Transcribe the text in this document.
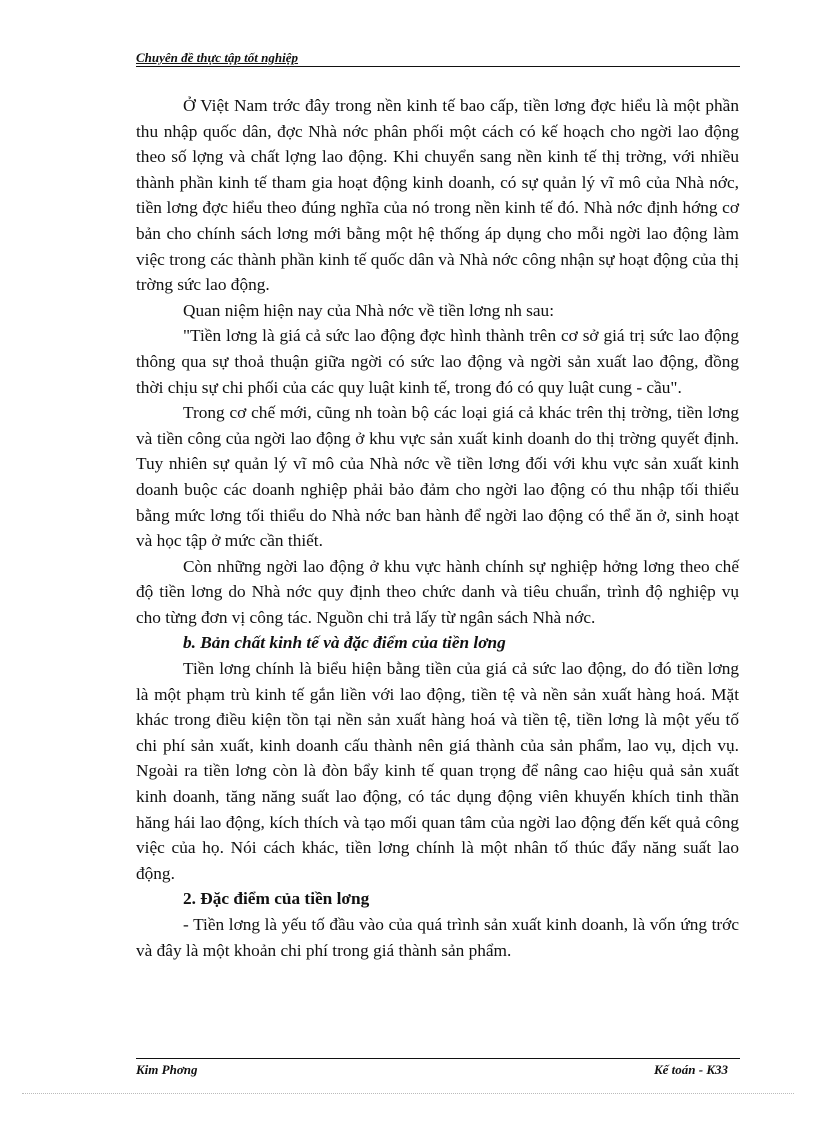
Chuyên đề thực tập tốt nghiệp

Ở Việt Nam trớc đây trong nền kinh tế bao cấp, tiền lơng đợc hiểu là một phần thu nhập quốc dân, đợc Nhà nớc phân phối một cách có kế hoạch cho ngời lao động theo số lợng và chất lợng lao động. Khi chuyển sang nền kinh tế thị trờng, với nhiều thành phần kinh tế tham gia hoạt động kinh doanh, có sự quản lý vĩ mô của Nhà nớc, tiền lơng đợc hiểu theo đúng nghĩa của nó trong nền kinh tế đó. Nhà nớc định hớng cơ bản cho chính sách lơng mới bằng một hệ thống áp dụng cho mỗi ngời lao động làm việc trong các thành phần kinh tế quốc dân và Nhà nớc công nhận sự hoạt động của thị trờng sức lao động.

Quan niệm hiện nay của Nhà nớc về tiền lơng nh sau:

"Tiền lơng là giá cả sức lao động đợc hình thành trên cơ sở giá trị sức lao động thông qua sự thoả thuận giữa ngời có sức lao động và ngời sản xuất lao động, đồng thời chịu sự chi phối của các quy luật kinh tế, trong đó có quy luật cung - cầu".

Trong cơ chế mới, cũng nh toàn bộ các loại giá cả khác trên thị trờng, tiền lơng và tiền công của ngời lao động ở khu vực sản xuất kinh doanh do thị trờng quyết định. Tuy nhiên sự quản lý vĩ mô của Nhà nớc về tiền lơng đối với khu vực sản xuất kinh doanh buộc các doanh nghiệp phải bảo đảm cho ngời lao động có thu nhập tối thiểu bằng mức lơng tối thiểu do Nhà nớc ban hành để ngời lao động có thể ăn ở, sinh hoạt và học tập ở mức cần thiết.

Còn những ngời lao động ở khu vực hành chính sự nghiệp hởng lơng theo chế độ tiền lơng do Nhà nớc quy định theo chức danh và tiêu chuẩn, trình độ nghiệp vụ cho từng đơn vị công tác. Nguồn chi trả lấy từ ngân sách Nhà nớc.

b. Bản chất kinh tế và đặc điểm của tiền lơng

Tiền lơng chính là biểu hiện bằng tiền của giá cả sức lao động, do đó tiền lơng là một phạm trù kinh tế gắn liền với lao động, tiền tệ và nền sản xuất hàng hoá. Mặt khác trong điều kiện tồn tại nền sản xuất hàng hoá và tiền tệ, tiền lơng là một yếu tố chi phí sản xuất, kinh doanh cấu thành nên giá thành của sản phẩm, lao vụ, dịch vụ. Ngoài ra tiền lơng còn là đòn bẩy kinh tế quan trọng để nâng cao hiệu quả sản xuất kinh doanh, tăng năng suất lao động, có tác dụng động viên khuyến khích tinh thần hăng hái lao động, kích thích và tạo mối quan tâm của ngời lao động đến kết quả công việc của họ. Nói cách khác, tiền lơng chính là một nhân tố thúc đẩy năng suất lao động.

2. Đặc điểm của tiền lơng

- Tiền lơng là yếu tố đầu vào của quá trình sản xuất kinh doanh, là vốn ứng trớc và đây là một khoản chi phí trong giá thành sản phẩm.

Kim Phơng	Kế toán - K33
